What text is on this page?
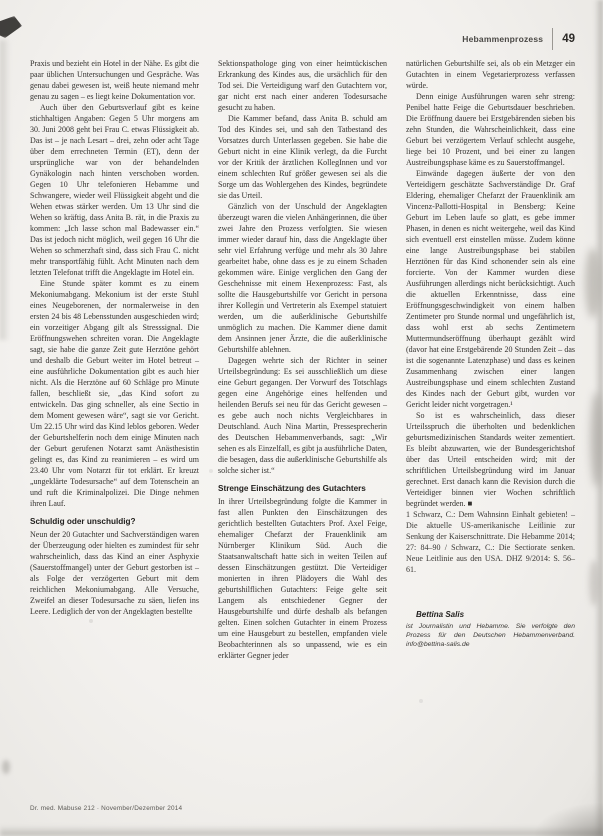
Hebammenprozess 49

Praxis und bezieht ein Hotel in der Nähe. Es gibt die paar üblichen Untersuchungen und Gespräche. Was genau dabei gewesen ist, weiß heute niemand mehr genau zu sagen – es liegt keine Dokumentation vor.

Auch über den Geburtsverlauf gibt es keine stichhaltigen Angaben: Gegen 5 Uhr morgens am 30. Juni 2008 geht bei Frau C. etwas Flüssigkeit ab. Das ist – je nach Lesart – drei, zehn oder acht Tage über dem errechneten Termin (ET), denn der ursprüngliche war von der behandelnden Gynäkologin nach hinten verschoben worden. Gegen 10 Uhr telefonieren Hebamme und Schwangere, wieder weil Flüssigkeit abgeht und die Wehen etwas stärker werden. Um 13 Uhr sind die Wehen so kräftig, dass Anita B. rät, in die Praxis zu kommen: „Ich lasse schon mal Badewasser ein.“ Das ist jedoch nicht möglich, weil gegen 16 Uhr die Wehen so schmerzhaft sind, dass sich Frau C. nicht mehr transportfähig fühlt. Acht Minuten nach dem letzten Telefonat trifft die Angeklagte im Hotel ein.

Eine Stunde später kommt es zu einem Mekoniumabgang. Mekonium ist der erste Stuhl eines Neugeborenen, der normalerweise in den ersten 24 bis 48 Lebensstunden ausgeschieden wird; ein vorzeitiger Abgang gilt als Stresssignal. Die Eröffnungswehen schreiten voran. Die Angeklagte sagt, sie habe die ganze Zeit gute Herztöne gehört und deshalb die Geburt weiter im Hotel betreut – eine ausführliche Dokumentation gibt es auch hier nicht. Als die Herztöne auf 60 Schläge pro Minute fallen, beschließt sie, „das Kind sofort zu entwickeln. Das ging schneller, als eine Sectio in dem Moment gewesen wäre“, sagt sie vor Gericht. Um 22.15 Uhr wird das Kind leblos geboren. Weder der Geburtshelferin noch dem einige Minuten nach der Geburt gerufenen Notarzt samt Anästhesistin gelingt es, das Kind zu reanimieren – es wird um 23.40 Uhr vom Notarzt für tot erklärt. Er kreuzt „ungeklärte Todesursache“ auf dem Totenschein an und ruft die Kriminalpolizei. Die Dinge nehmen ihren Lauf.

Schuldig oder unschuldig?

Neun der 20 Gutachter und Sachverständigen waren der Überzeugung oder hielten es zumindest für sehr wahrscheinlich, dass das Kind an einer Asphyxie (Sauerstoffmangel) unter der Geburt gestorben ist – als Folge der verzögerten Geburt mit dem reichlichen Mekoniumabgang. Alle Versuche, Zweifel an dieser Todesursache zu säen, liefen ins Leere. Lediglich der von der Angeklagten bestellte

Sektionspathologe ging von einer heimtückischen Erkrankung des Kindes aus, die ursächlich für den Tod sei. Die Verteidigung warf den Gutachtern vor, gar nicht erst nach einer anderen Todesursache gesucht zu haben.

Die Kammer befand, dass Anita B. schuld am Tod des Kindes sei, und sah den Tatbestand des Vorsatzes durch Unterlassen gegeben. Sie habe die Geburt nicht in eine Klinik verlegt, da die Furcht vor der Kritik der ärztlichen KollegInnen und vor einem schlechten Ruf größer gewesen sei als die Sorge um das Wohlergehen des Kindes, begründete sie das Urteil.

Gänzlich von der Unschuld der Angeklagten überzeugt waren die vielen Anhängerinnen, die über zwei Jahre den Prozess verfolgten. Sie wiesen immer wieder darauf hin, dass die Angeklagte über sehr viel Erfahrung verfüge und mehr als 30 Jahre gearbeitet habe, ohne dass es je zu einem Schaden gekommen wäre. Einige verglichen den Gang der Geschehnisse mit einem Hexenprozess: Fast, als sollte die Hausgeburtshilfe vor Gericht in persona ihrer Kollegin und Vertreterin als Exempel statuiert werden, um die außerklinische Geburtshilfe unmöglich zu machen. Die Kammer diene damit dem Ansinnen jener Ärzte, die die außerklinische Geburtshilfe ablehnen.

Dagegen wehrte sich der Richter in seiner Urteilsbegründung: Es sei ausschließlich um diese eine Geburt gegangen. Der Vorwurf des Totschlags gegen eine Angehörige eines helfenden und heilenden Berufs sei neu für das Gericht gewesen – es gebe auch noch nichts Vergleichbares in Deutschland. Auch Nina Martin, Pressesprecherin des Deutschen Hebammenverbands, sagt: „Wir sehen es als Einzelfall, es gibt ja ausführliche Daten, die besagen, dass die außerklinische Geburtshilfe als solche sicher ist.“

Strenge Einschätzung des Gutachters

In ihrer Urteilsbegründung folgte die Kammer in fast allen Punkten den Einschätzungen des gerichtlich bestellten Gutachters Prof. Axel Feige, ehemaliger Chefarzt der Frauenklinik am Nürnberger Klinikum Süd. Auch die Staatsanwaltschaft hatte sich in weiten Teilen auf dessen Einschätzungen gestützt. Die Verteidiger monierten in ihren Plädoyers die Wahl des geburtshilflichen Gutachters: Feige gelte seit Langem als entschiedener Gegner der Hausgeburtshilfe und dürfe deshalb als befangen gelten. Einen solchen Gutachter in einem Prozess um eine Hausgeburt zu bestellen, empfanden viele Beobachterinnen als so unpassend, wie es ein erklärter Gegner jeder

natürlichen Geburtshilfe sei, als ob ein Metzger ein Gutachten in einem Vegetarierprozess verfassen würde.

Denn einige Ausführungen waren sehr streng: Penibel hatte Feige die Geburtsdauer beschrieben. Die Eröffnung dauere bei Erstgebärenden sieben bis zehn Stunden, die Wahrscheinlichkeit, dass eine Geburt bei verzögertem Verlauf schlecht ausgehe, liege bei 10 Prozent, und bei einer zu langen Austreibungsphase käme es zu Sauerstoffmangel.

Einwände dagegen äußerte der von den Verteidigern geschätzte Sachverständige Dr. Graf Eldering, ehemaliger Chefarzt der Frauenklinik am Vincenz-Pallotti-Hospital in Bensberg: Keine Geburt im Leben laufe so glatt, es gebe immer Phasen, in denen es nicht weitergehe, weil das Kind sich eventuell erst einstellen müsse. Zudem könne eine lange Austreibungsphase bei stabilen Herztönen für das Kind schonender sein als eine forcierte. Von der Kammer wurden diese Ausführungen allerdings nicht berücksichtigt. Auch die aktuellen Erkenntnisse, dass eine Eröffnungsgeschwindigkeit von einem halben Zentimeter pro Stunde normal und ungefährlich ist, dass wohl erst ab sechs Zentimetern Muttermundseröffnung überhaupt gezählt wird (davor hat eine Erstgebärende 20 Stunden Zeit – das ist die sogenannte Latenzphase) und dass es keinen Zusammenhang zwischen einer langen Austreibungsphase und einem schlechten Zustand des Kindes nach der Geburt gibt, wurden vor Gericht leider nicht vorgetragen.¹

So ist es wahrscheinlich, dass dieser Urteilsspruch die überholten und bedenklichen geburtsmedizinischen Standards weiter zementiert. Es bleibt abzuwarten, wie der Bundesgerichtshof über das Urteil entscheiden wird; mit der schriftlichen Urteilsbegründung wird im Januar gerechnet. Erst danach kann die Revision durch die Verteidiger binnen vier Wochen schriftlich begründet werden. ■

1 Schwarz, C.: Dem Wahnsinn Einhalt gebieten! – Die aktuelle US-amerikanische Leitlinie zur Senkung der Kaiserschnittrate. Die Hebamme 2014; 27: 84–90 / Schwarz, C.: Die Sectiorate senken. Neue Leitlinie aus den USA. DHZ 9/2014: S. 56–61.

Bettina Salis

ist Journalistin und Hebamme. Sie verfolgte den Prozess für den Deutschen Hebammenverband. info@bettina-salis.de

Dr. med. Mabuse 212 · November/Dezember 2014
